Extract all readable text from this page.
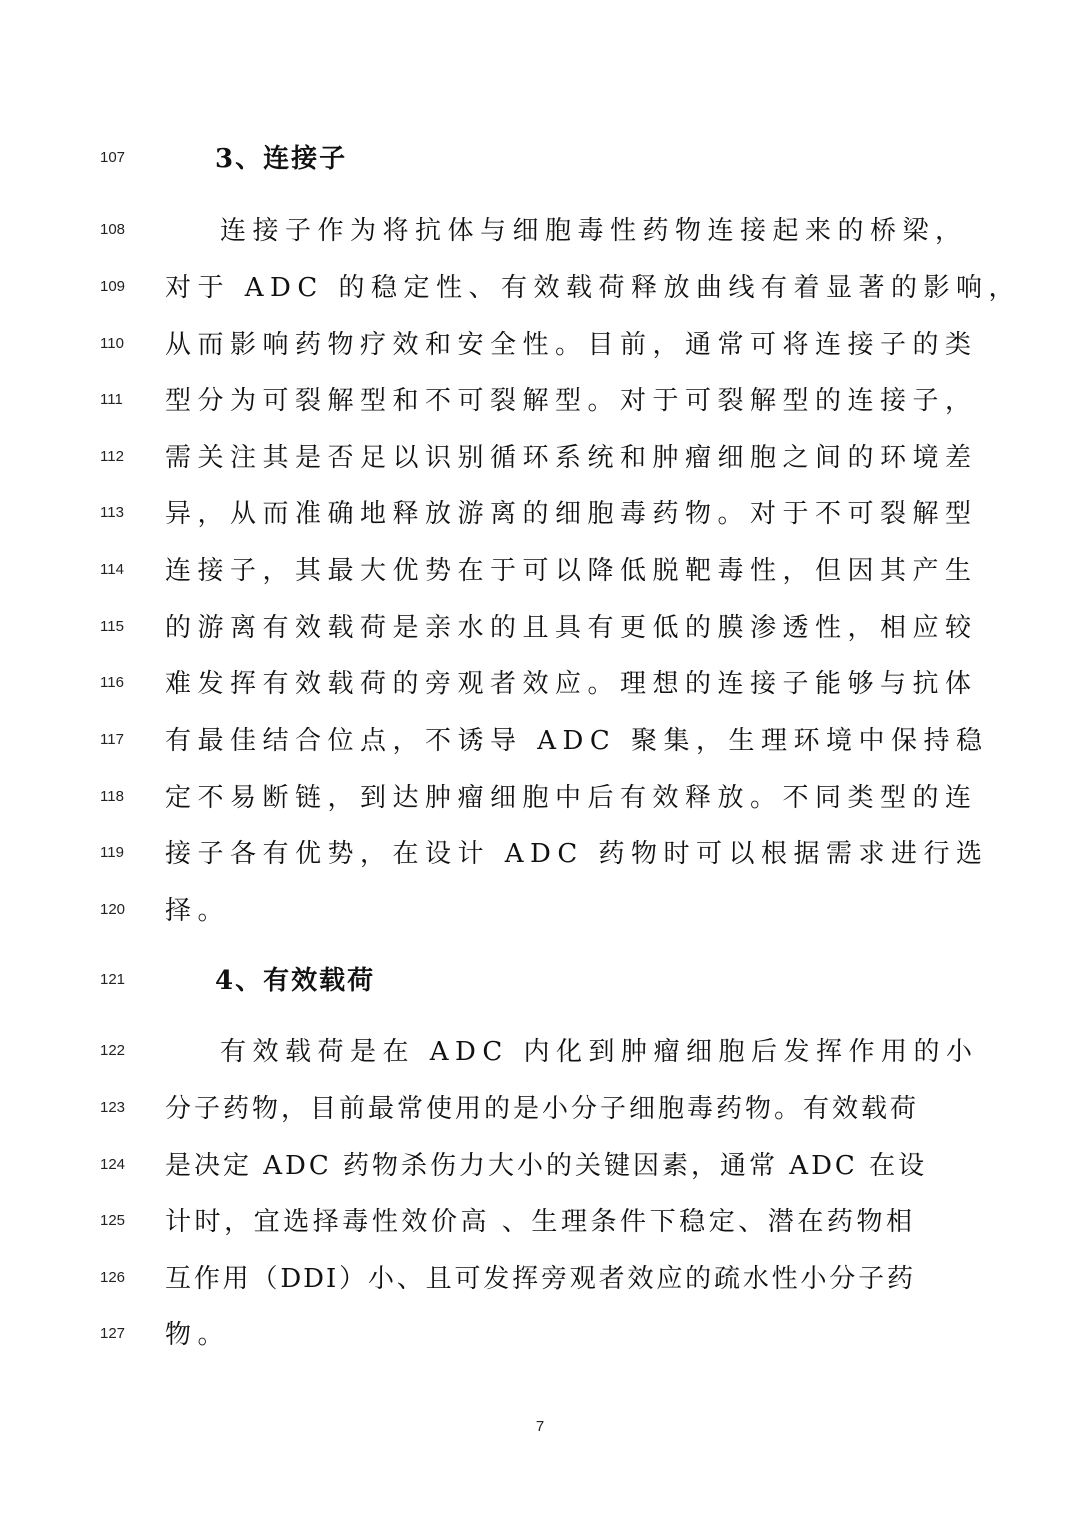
107	3、连接子
108	连接子作为将抗体与细胞毒性药物连接起来的桥梁，
109	对于 ADC 的稳定性、有效载荷释放曲线有着显著的影响，
110	从而影响药物疗效和安全性。目前，通常可将连接子的类
111	型分为可裂解型和不可裂解型。对于可裂解型的连接子，
112	需关注其是否足以识别循环系统和肿瘤细胞之间的环境差
113	异，从而准确地释放游离的细胞毒药物。对于不可裂解型
114	连接子，其最大优势在于可以降低脱靶毒性，但因其产生
115	的游离有效载荷是亲水的且具有更低的膜渗透性，相应较
116	难发挥有效载荷的旁观者效应。理想的连接子能够与抗体
117	有最佳结合位点，不诱导 ADC 聚集，生理环境中保持稳
118	定不易断链，到达肿瘤细胞中后有效释放。不同类型的连
119	接子各有优势，在设计 ADC 药物时可以根据需求进行选
120	择。
121	4、有效载荷
122	有效载荷是在 ADC 内化到肿瘤细胞后发挥作用的小
123	分子药物，目前最常使用的是小分子细胞毒药物。有效载荷
124	是决定 ADC 药物杀伤力大小的关键因素，通常 ADC 在设
125	计时，宜选择毒性效价高 、生理条件下稳定、潜在药物相
126	互作用（DDI）小、且可发挥旁观者效应的疏水性小分子药
127	物。
7
